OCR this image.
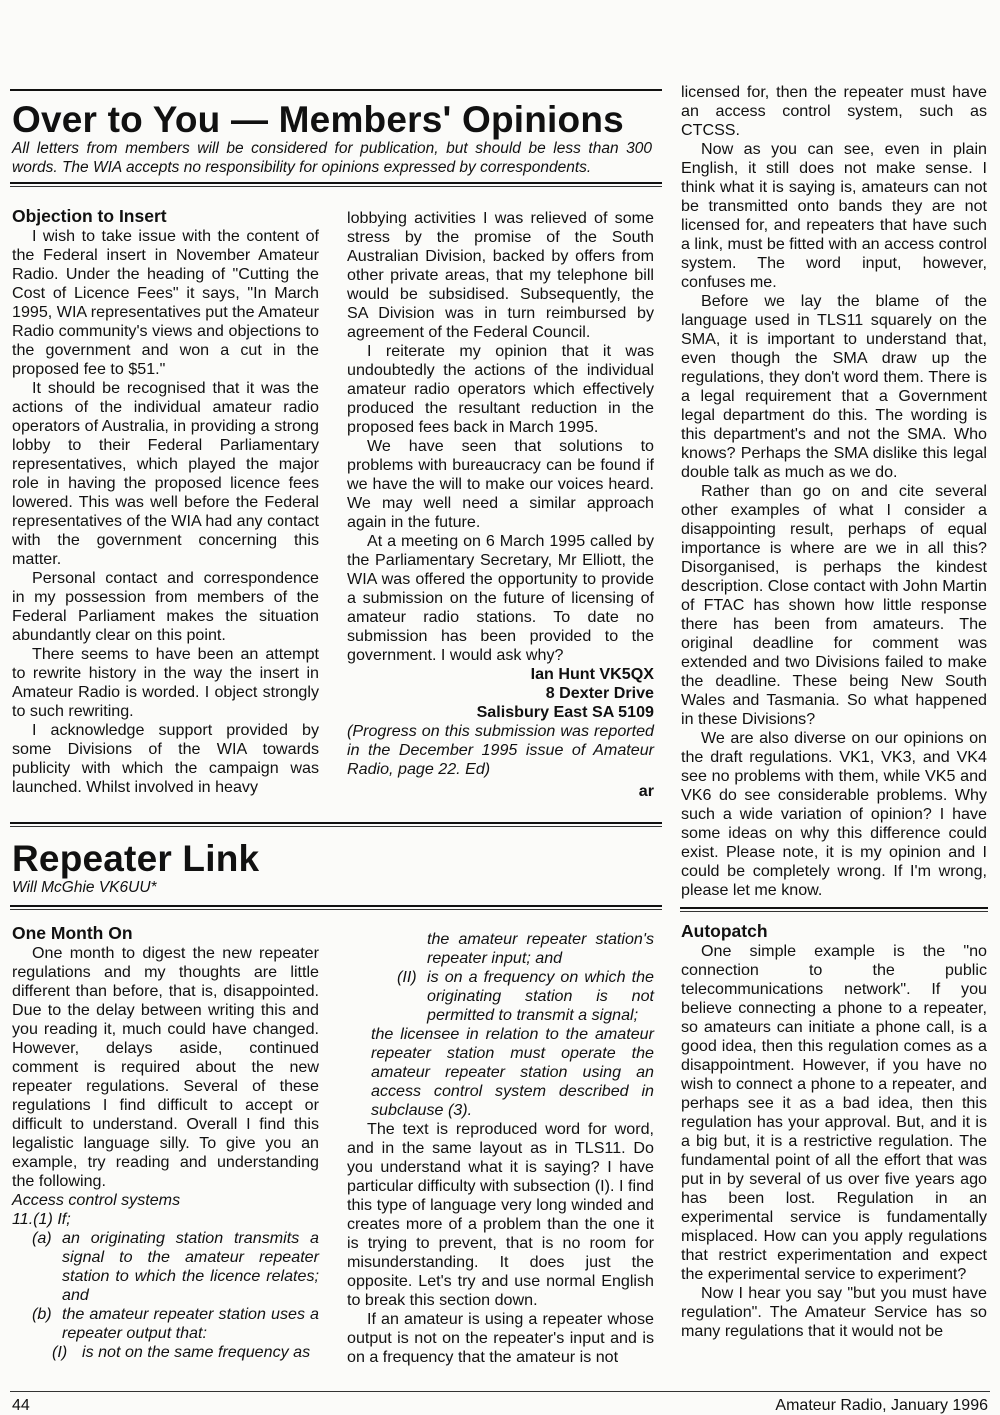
Over to You — Members' Opinions
All letters from members will be considered for publication, but should be less than 300 words. The WIA accepts no responsibility for opinions expressed by correspondents.
Objection to Insert

I wish to take issue with the content of the Federal insert in November Amateur Radio. Under the heading of "Cutting the Cost of Licence Fees" it says, "In March 1995, WIA representatives put the Amateur Radio community's views and objections to the government and won a cut in the proposed fee to $51."

It should be recognised that it was the actions of the individual amateur radio operators of Australia, in providing a strong lobby to their Federal Parliamentary representatives, which played the major role in having the proposed licence fees lowered. This was well before the Federal representatives of the WIA had any contact with the government concerning this matter.

Personal contact and correspondence in my possession from members of the Federal Parliament makes the situation abundantly clear on this point.

There seems to have been an attempt to rewrite history in the way the insert in Amateur Radio is worded. I object strongly to such rewriting.

I acknowledge support provided by some Divisions of the WIA towards publicity with which the campaign was launched. Whilst involved in heavy

lobbying activities I was relieved of some stress by the promise of the South Australian Division, backed by offers from other private areas, that my telephone bill would be subsidised. Subsequently, the SA Division was in turn reimbursed by agreement of the Federal Council.

I reiterate my opinion that it was undoubtedly the actions of the individual amateur radio operators which effectively produced the resultant reduction in the proposed fees back in March 1995.

We have seen that solutions to problems with bureaucracy can be found if we have the will to make our voices heard. We may well need a similar approach again in the future.

At a meeting on 6 March 1995 called by the Parliamentary Secretary, Mr Elliott, the WIA was offered the opportunity to provide a submission on the future of licensing of amateur radio stations. To date no submission has been provided to the government. I would ask why?

Ian Hunt VK5QX

8 Dexter Drive

Salisbury East SA 5109

(Progress on this submission was reported in the December 1995 issue of Amateur Radio, page 22. Ed)

ar

Repeater Link
Will McGhie VK6UU*
One Month On

One month to digest the new repeater regulations and my thoughts are little different than before, that is, disappointed. Due to the delay between writing this and you reading it, much could have changed. However, delays aside, continued comment is required about the new repeater regulations. Several of these regulations I find difficult to accept or difficult to understand. Overall I find this legalistic language silly. To give you an example, try reading and understanding the following.

Access control systems

11.(1) If;

(a) an originating station transmits a signal to the amateur repeater station to which the licence relates; and
(b) the amateur repeater station uses a repeater output that:
(I) is not on the same frequency as
the amateur repeater station's repeater input; and
(II) is on a frequency on which the originating station is not permitted to transmit a signal;
the licensee in relation to the amateur repeater station must operate the amateur repeater station using an access control system described in subclause (3).

The text is reproduced word for word, and in the same layout as in TLS11. Do you understand what it is saying? I have particular difficulty with subsection (I). I find this type of language very long winded and creates more of a problem than the one it is trying to prevent, that is no room for misunderstanding. It does just the opposite. Let's try and use normal English to break this section down.

If an amateur is using a repeater whose output is not on the repeater's input and is on a frequency that the amateur is not

licensed for, then the repeater must have an access control system, such as CTCSS.

Now as you can see, even in plain English, it still does not make sense. I think what it is saying is, amateurs can not be transmitted onto bands they are not licensed for, and repeaters that have such a link, must be fitted with an access control system. The word input, however, confuses me.

Before we lay the blame of the language used in TLS11 squarely on the SMA, it is important to understand that, even though the SMA draw up the regulations, they don't word them. There is a legal requirement that a Government legal department do this. The wording is this department's and not the SMA. Who knows? Perhaps the SMA dislike this legal double talk as much as we do.

Rather than go on and cite several other examples of what I consider a disappointing result, perhaps of equal importance is where are we in all this? Disorganised, is perhaps the kindest description. Close contact with John Martin of FTAC has shown how little response there has been from amateurs. The original deadline for comment was extended and two Divisions failed to make the deadline. These being New South Wales and Tasmania. So what happened in these Divisions?

We are also diverse on our opinions on the draft regulations. VK1, VK3, and VK4 see no problems with them, while VK5 and VK6 do see considerable problems. Why such a wide variation of opinion? I have some ideas on why this difference could exist. Please note, it is my opinion and I could be completely wrong. If I'm wrong, please let me know.

Autopatch

One simple example is the "no connection to the public telecommunications network". If you believe connecting a phone to a repeater, so amateurs can initiate a phone call, is a good idea, then this regulation comes as a disappointment. However, if you have no wish to connect a phone to a repeater, and perhaps see it as a bad idea, then this regulation has your approval. But, and it is a big but, it is a restrictive regulation. The fundamental point of all the effort that was put in by several of us over five years ago has been lost. Regulation in an experimental service is fundamentally misplaced. How can you apply regulations that restrict experimentation and expect the experimental service to experiment?

Now I hear you say "but you must have regulation". The Amateur Service has so many regulations that it would not be

44	Amateur Radio, January 1996
